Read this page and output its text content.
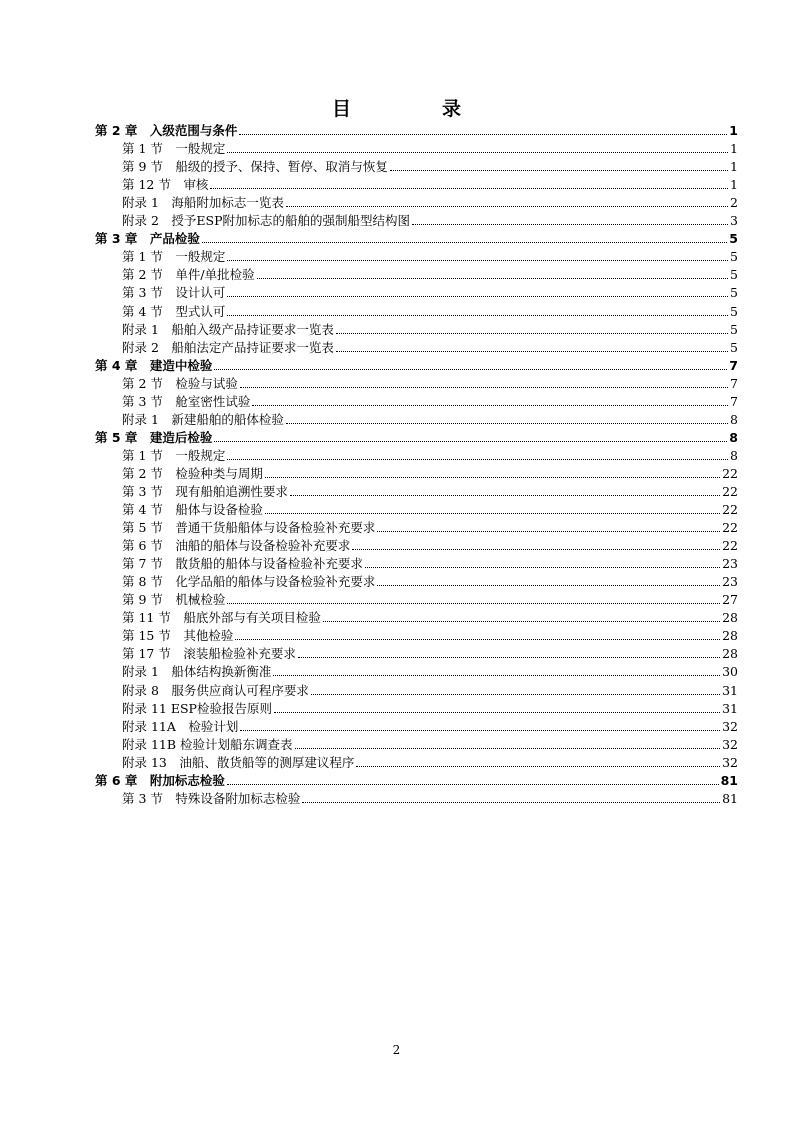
目　录
第 2 章　入级范围与条件	1
第 1 节　一般规定	1
第 9 节　船级的授予、保持、暂停、取消与恢复	1
第 12 节　审核	1
附录 1　海船附加标志一览表	2
附录 2　授予ESP附加标志的船舶的强制船型结构图	3
第 3 章　产品检验	5
第 1 节　一般规定	5
第 2 节　单件/单批检验	5
第 3 节　设计认可	5
第 4 节　型式认可	5
附录 1　船舶入级产品持证要求一览表	5
附录 2　船舶法定产品持证要求一览表	5
第 4 章　建造中检验	7
第 2 节　检验与试验	7
第 3 节　舱室密性试验	7
附录 1　新建船舶的船体检验	8
第 5 章　建造后检验	8
第 1 节　一般规定	8
第 2 节　检验种类与周期	22
第 3 节　现有船舶追溯性要求	22
第 4 节　船体与设备检验	22
第 5 节　普通干货船船体与设备检验补充要求	22
第 6 节　油船的船体与设备检验补充要求	22
第 7 节　散货船的船体与设备检验补充要求	23
第 8 节　化学品船的船体与设备检验补充要求	23
第 9 节　机械检验	27
第 11 节　船底外部与有关项目检验	28
第 15 节　其他检验	28
第 17 节　滚装船检验补充要求	28
附录 1　船体结构换新衡准	30
附录 8　服务供应商认可程序要求	31
附录 11 ESP检验报告原则	31
附录 11A　检验计划	32
附录 11B 检验计划船东调查表	32
附录 13　油船、散货船等的测厚建议程序	32
第 6 章　附加标志检验	81
第 3 节　特殊设备附加标志检验	81
2
